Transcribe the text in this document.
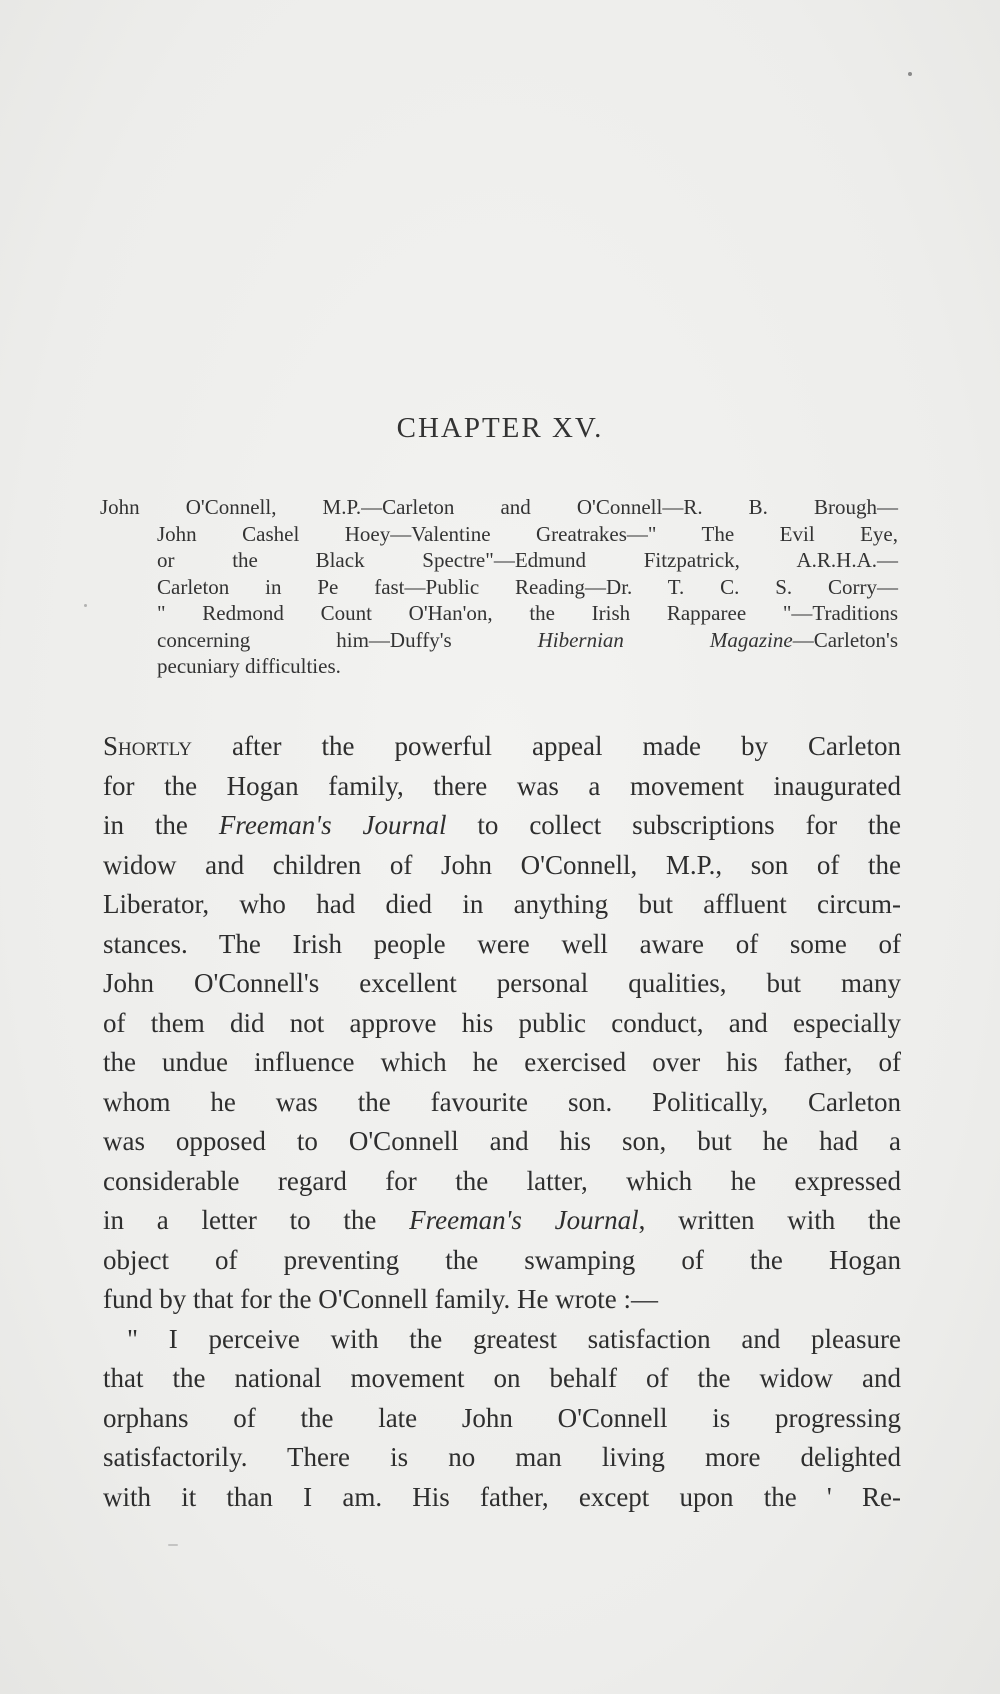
CHAPTER XV.
John O'Connell, M.P.—Carleton and O'Connell—R. B. Brough—
John Cashel Hoey—Valentine Greatrakes—" The Evil Eye,
or the Black Spectre"—Edmund Fitzpatrick, A.R.H.A.—
Carleton in Pe fast—Public Reading—Dr. T. C. S. Corry—
" Redmond Count O'Han'on, the Irish Rapparee "—Traditions
concerning him—Duffy's Hibernian Magazine—Carleton's
pecuniary difficulties.
Shortly after the powerful appeal made by Carleton
for the Hogan family, there was a movement inaugurated
in the Freeman's Journal to collect subscriptions for the
widow and children of John O'Connell, M.P., son of the
Liberator, who had died in anything but affluent circum-
stances. The Irish people were well aware of some of
John O'Connell's excellent personal qualities, but many
of them did not approve his public conduct, and especially
the undue influence which he exercised over his father, of
whom he was the favourite son. Politically, Carleton
was opposed to O'Connell and his son, but he had a
considerable regard for the latter, which he expressed
in a letter to the Freeman's Journal, written with the
object of preventing the swamping of the Hogan
fund by that for the O'Connell family. He wrote :—
" I perceive with the greatest satisfaction and pleasure
that the national movement on behalf of the widow and
orphans of the late John O'Connell is progressing
satisfactorily. There is no man living more delighted
with it than I am. His father, except upon the ' Re-
